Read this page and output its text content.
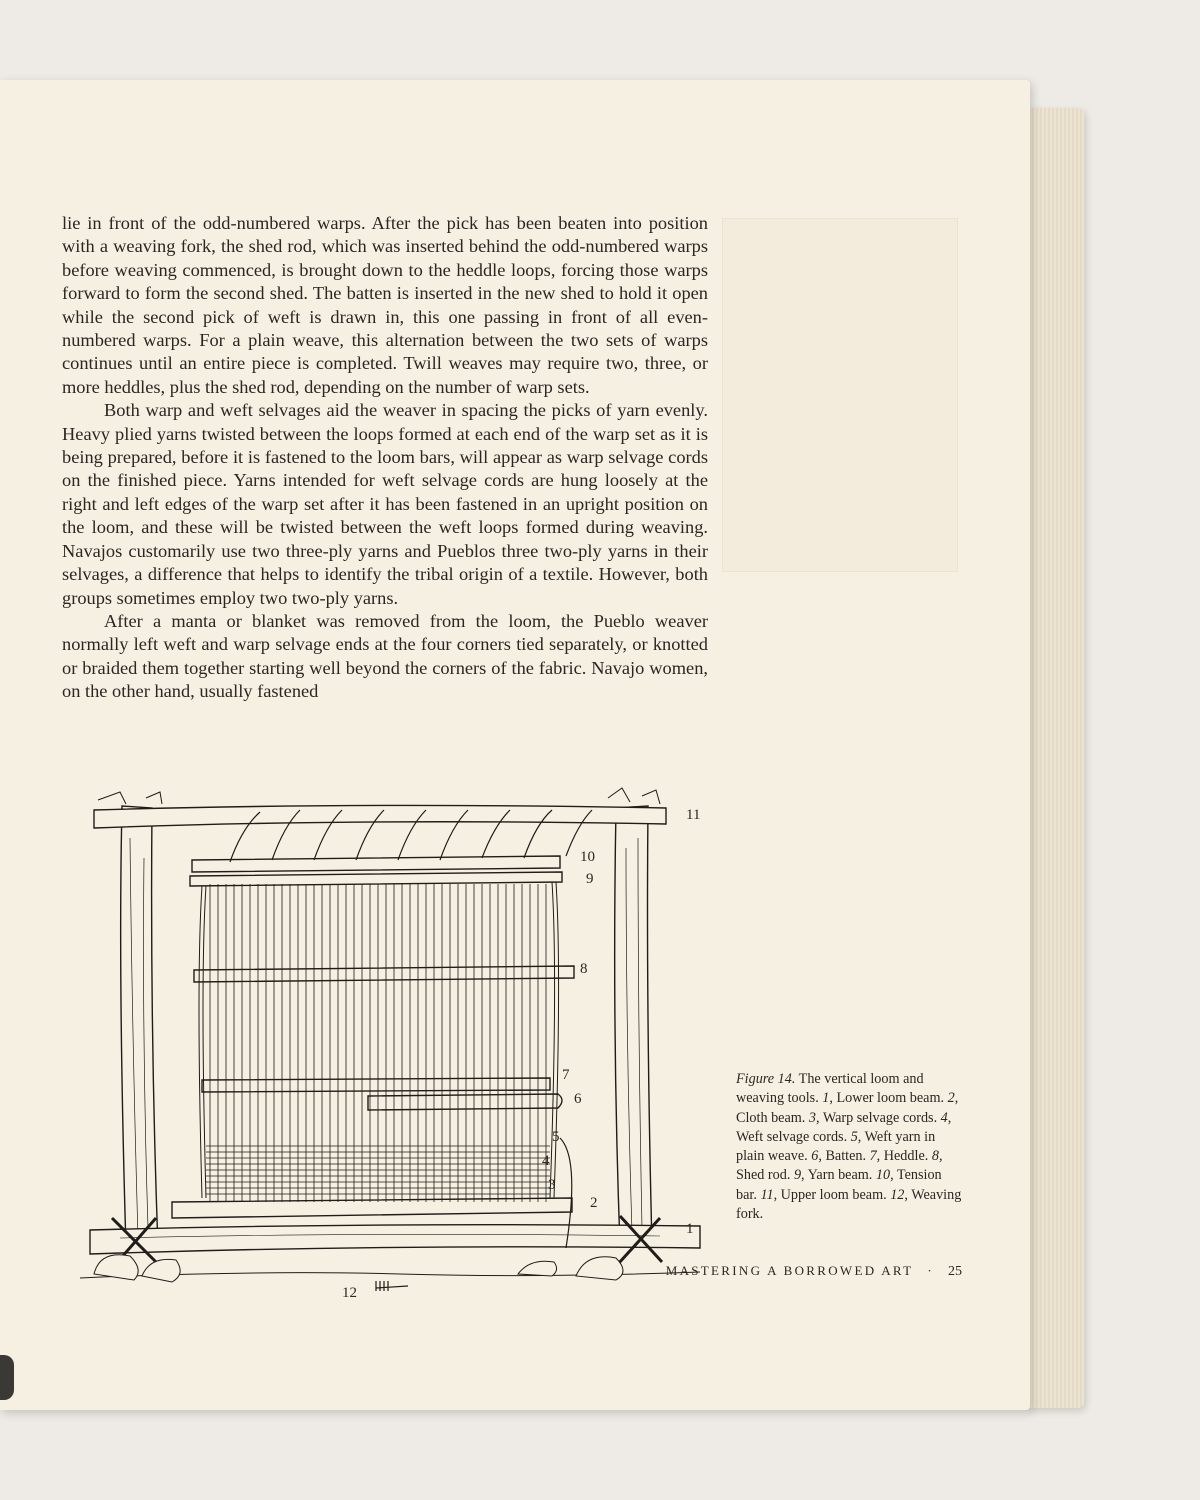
lie in front of the odd-numbered warps. After the pick has been beaten into position with a weaving fork, the shed rod, which was inserted behind the odd-numbered warps before weaving commenced, is brought down to the heddle loops, forcing those warps forward to form the second shed. The batten is inserted in the new shed to hold it open while the second pick of weft is drawn in, this one passing in front of all even-numbered warps. For a plain weave, this alternation between the two sets of warps continues until an entire piece is completed. Twill weaves may require two, three, or more heddles, plus the shed rod, depending on the number of warp sets.

Both warp and weft selvages aid the weaver in spacing the picks of yarn evenly. Heavy plied yarns twisted between the loops formed at each end of the warp set as it is being prepared, before it is fastened to the loom bars, will appear as warp selvage cords on the finished piece. Yarns intended for weft selvage cords are hung loosely at the right and left edges of the warp set after it has been fastened in an upright position on the loom, and these will be twisted between the weft loops formed during weaving. Navajos customarily use two three-ply yarns and Pueblos three two-ply yarns in their selvages, a difference that helps to identify the tribal origin of a textile. However, both groups sometimes employ two two-ply yarns.

After a manta or blanket was removed from the loom, the Pueblo weaver normally left weft and warp selvage ends at the four corners tied separately, or knotted or braided them together starting well beyond the corners of the fabric. Navajo women, on the other hand, usually fastened

11
10
9
8
7
6
5
4
3
2
1
12
Figure 14. The vertical loom and weaving tools. 1, Lower loom beam. 2, Cloth beam. 3, Warp selvage cords. 4, Weft selvage cords. 5, Weft yarn in plain weave. 6, Batten. 7, Heddle. 8, Shed rod. 9, Yarn beam. 10, Tension bar. 11, Upper loom beam. 12, Weaving fork.
MASTERING A BORROWED ART · 25
